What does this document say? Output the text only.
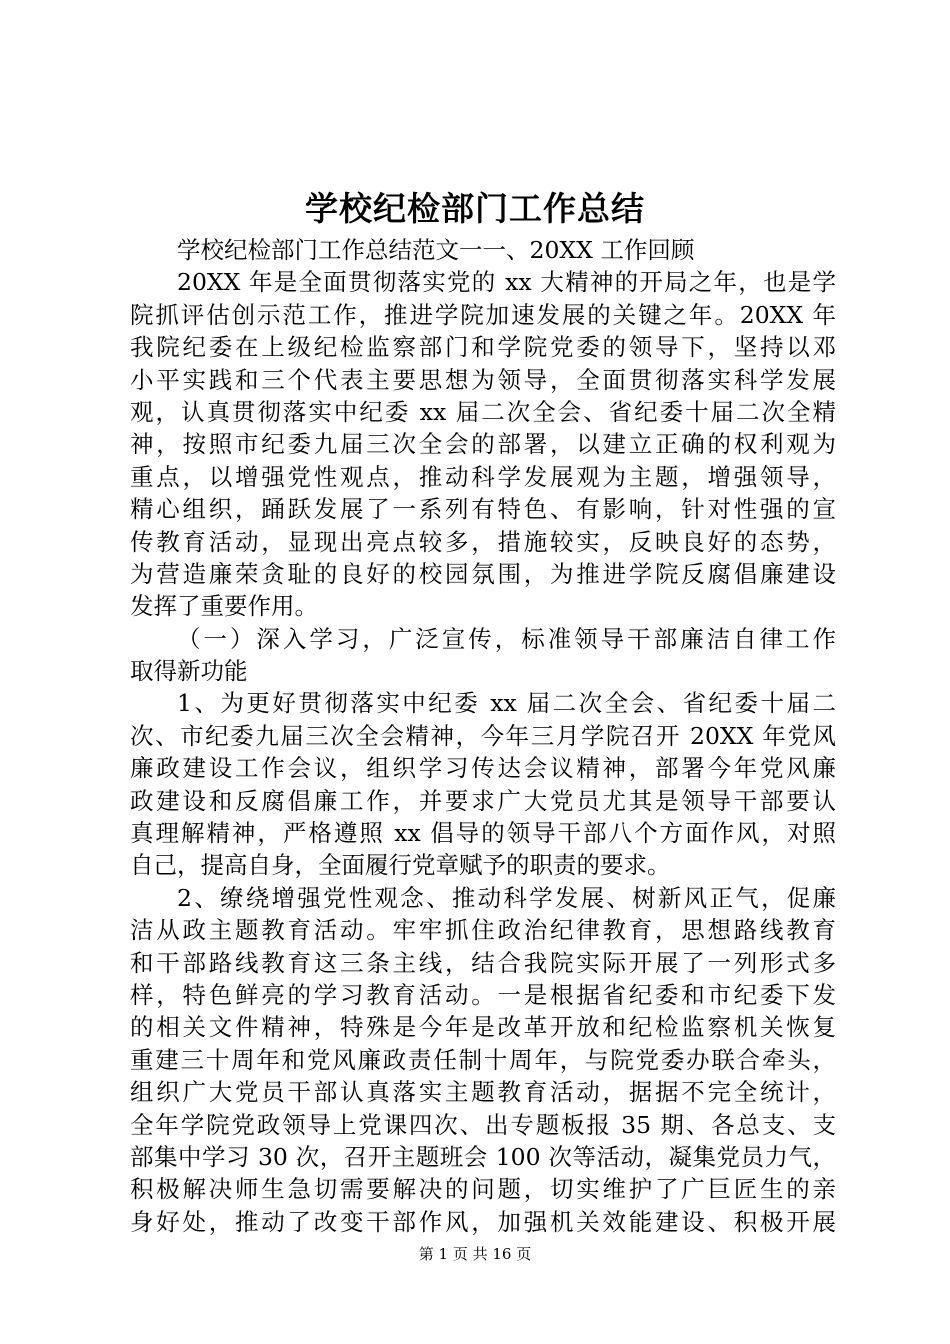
学校纪检部门工作总结
学校纪检部门工作总结范文一一、20XX 工作回顾
20XX 年是全面贯彻落实党的 xx 大精神的开局之年，也是学
院抓评估创示范工作，推进学院加速发展的关键之年。20XX 年
我院纪委在上级纪检监察部门和学院党委的领导下，坚持以邓
小平实践和三个代表主要思想为领导，全面贯彻落实科学发展
观，认真贯彻落实中纪委 xx 届二次全会、省纪委十届二次全精
神，按照市纪委九届三次全会的部署，以建立正确的权利观为
重点，以增强党性观点，推动科学发展观为主题，增强领导，
精心组织，踊跃发展了一系列有特色、有影响，针对性强的宣
传教育活动，显现出亮点较多，措施较实，反映良好的态势，
为营造廉荣贪耻的良好的校园氛围，为推进学院反腐倡廉建设
发挥了重要作用。
（一）深入学习，广泛宣传，标准领导干部廉洁自律工作
取得新功能
1、为更好贯彻落实中纪委 xx 届二次全会、省纪委十届二
次、市纪委九届三次全会精神，今年三月学院召开 20XX 年党风
廉政建设工作会议，组织学习传达会议精神，部署今年党风廉
政建设和反腐倡廉工作，并要求广大党员尤其是领导干部要认
真理解精神，严格遵照 xx 倡导的领导干部八个方面作风，对照
自己，提高自身，全面履行党章赋予的职责的要求。
2、缭绕增强党性观念、推动科学发展、树新风正气，促廉
洁从政主题教育活动。牢牢抓住政治纪律教育，思想路线教育
和干部路线教育这三条主线，结合我院实际开展了一列形式多
样，特色鲜亮的学习教育活动。一是根据省纪委和市纪委下发
的相关文件精神，特殊是今年是改革开放和纪检监察机关恢复
重建三十周年和党风廉政责任制十周年，与院党委办联合牵头，
组织广大党员干部认真落实主题教育活动，据据不完全统计，
全年学院党政领导上党课四次、出专题板报 35 期、各总支、支
部集中学习 30 次，召开主题班会 100 次等活动，凝集党员力气，
积极解决师生急切需要解决的问题，切实维护了广巨匠生的亲
身好处，推动了改变干部作风，加强机关效能建设、积极开展
第 1 页 共 16 页
